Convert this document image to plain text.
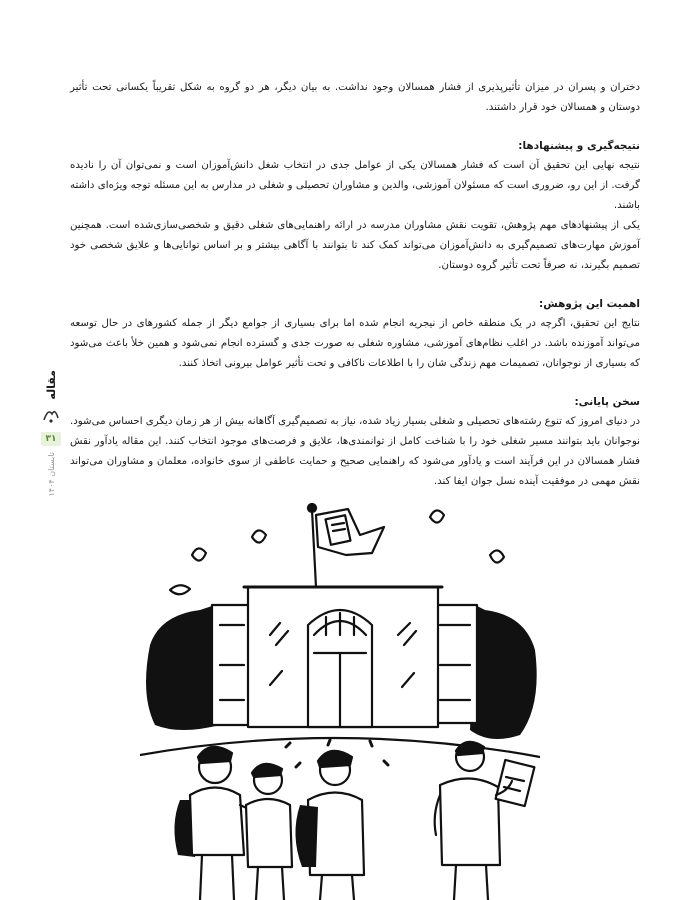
دختران و پسران در میزان تأثیرپذیری از فشار همسالان وجود نداشت. به بیان دیگر، هر دو گروه به شکل تقریباً یکسانی تحت تأثیر دوستان و همسالان خود قرار داشتند.

نتیجه‌گیری و پیشنهادها:

نتیجه نهایی این تحقیق آن است که فشار همسالان یکی از عوامل جدی در انتخاب شغل دانش‌آموزان است و نمی‌توان آن را نادیده گرفت. از این رو، ضروری است که مسئولان آموزشی، والدین و مشاوران تحصیلی و شغلی در مدارس به این مسئله توجه ویژه‌ای داشته باشند.

یکی از پیشنهادهای مهم پژوهش، تقویت نقش مشاوران مدرسه در ارائه راهنمایی‌های شغلی دقیق و شخصی‌سازی‌شده است. همچنین آموزش مهارت‌های تصمیم‌گیری به دانش‌آموزان می‌تواند کمک کند تا بتوانند با آگاهی بیشتر و بر اساس توانایی‌ها و علایق شخصی خود تصمیم بگیرند، نه صرفاً تحت تأثیر گروه دوستان.

اهمیت این پژوهش:

نتایج این تحقیق، اگرچه در یک منطقه خاص از نیجریه انجام شده اما برای بسیاری از جوامع دیگر از جمله کشورهای در حال توسعه می‌تواند آموزنده باشد. در اغلب نظام‌های آموزشی، مشاوره شغلی به صورت جدی و گسترده انجام نمی‌شود و همین خلأ باعث می‌شود که بسیاری از نوجوانان، تصمیمات مهم زندگی شان را با اطلاعات ناکافی و تحت تأثیر عوامل بیرونی اتخاذ کنند.

سخن پایانی:

در دنیای امروز که تنوع رشته‌های تحصیلی و شغلی بسیار زیاد شده، نیاز به تصمیم‌گیری آگاهانه بیش از هر زمان دیگری احساس می‌شود. نوجوانان باید بتوانند مسیر شغلی خود را با شناخت کامل از توانمندی‌ها، علایق و فرصت‌های موجود انتخاب کنند. این مقاله یادآور نقش فشار همسالان در این فرآیند است و یادآور می‌شود که راهنمایی صحیح و حمایت عاطفی از سوی خانواده، معلمان و مشاوران می‌تواند نقش مهمی در موفقیت آینده نسل جوان ایفا کند.

مقاله
۳۱
تابستان ۱۴۰۴
